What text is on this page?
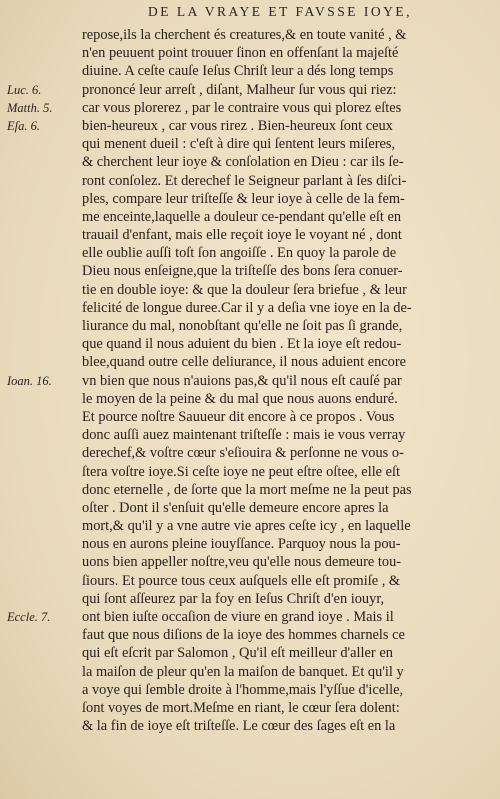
DE LA VRAYE ET FAVSSE IOYE,
repose,ils la cherchent és creatures,& en toute vanité , &
n'en peuuent point trouuer ſinon en offenſant la majeſté
diuine. A ceſte cauſe Ieſus Chriſt leur a dés long temps
prononcé leur arreſt , diſant, Malheur ſur vous qui riez:
car vous plorerez , par le contraire vous qui plorez eſtes
bien-heureux , car vous rirez . Bien-heureux ſont ceux
qui menent dueil : c'eſt à dire qui ſentent leurs miſeres,
& cherchent leur ioye & conſolation en Dieu : car ils ſe-
ront conſolez. Et derechef le Seigneur parlant à ſes diſci-
ples, compare leur triſteſſe & leur ioye à celle de la fem-
me enceinte,laquelle a douleur ce-pendant qu'elle eſt en
trauail d'enfant, mais elle reçoit ioye le voyant né , dont
elle oublie auſſi toſt ſon angoiſſe . En quoy la parole de
Dieu nous enſeigne,que la triſteſſe des bons ſera conuer-
tie en double ioye: & que la douleur ſera briefue , & leur
felicité de longue duree.Car il y a deſia vne ioye en la de-
liurance du mal, nonobſtant qu'elle ne ſoit pas ſi grande,
que quand il nous aduient du bien . Et la ioye eſt redou-
blee,quand outre celle deliurance, il nous aduient encore
vn bien que nous n'auions pas,& qu'il nous eſt cauſé par
le moyen de la peine & du mal que nous auons enduré.
Et pource noſtre Sauueur dit encore à ce propos . Vous
donc auſſi auez maintenant triſteſſe : mais ie vous verray
derechef,& voſtre cœur s'eſiouira & perſonne ne vous o-
ſtera voſtre ioye.Si ceſte ioye ne peut eſtre oſtee, elle eſt
donc eternelle , de ſorte que la mort meſme ne la peut pas
oſter . Dont il s'enſuit qu'elle demeure encore apres la
mort,& qu'il y a vne autre vie apres ceſte icy , en laquelle
nous en aurons pleine iouyſſance. Parquoy nous la pou-
uons bien appeller noſtre,veu qu'elle nous demeure tou-
ſiours. Et pource tous ceux auſquels elle eſt promiſe , &
qui ſont aſſeurez par la foy en Ieſus Chriſt d'en iouyr,
ont bien iuſte occaſion de viure en grand ioye . Mais il
faut que nous diſions de la ioye des hommes charnels ce
qui eſt eſcrit par Salomon , Qu'il eſt meilleur d'aller en
la maiſon de pleur qu'en la maiſon de banquet. Et qu'il y
a voye qui ſemble droite à l'homme,mais l'yſſue d'icelle,
ſont voyes de mort.Meſme en riant, le cœur ſera dolent:
& la fin de ioye eſt triſteſſe. Le cœur des ſages eſt en la
Luc. 6.
Matth. 5.
Eſa. 6.
Ioan. 16.
Eccle. 7.
